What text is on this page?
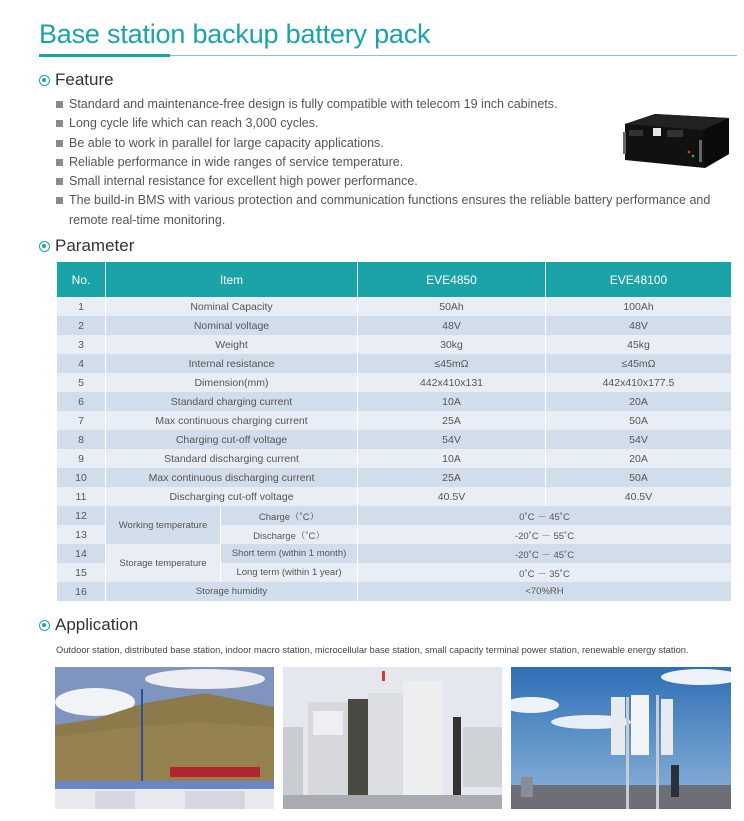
Base station backup battery pack
Feature
Standard and maintenance-free design is fully compatible with telecom 19 inch cabinets.
Long cycle life which can reach 3,000 cycles.
Be able to work in parallel for large capacity applications.
Reliable performance in wide ranges of service temperature.
Small internal resistance for excellent high power performance.
The build-in BMS with various protection and communication functions ensures the reliable battery performance and remote real-time monitoring.
Parameter
No.	Item		EVE4850	EVE48100
1	Nominal Capacity		50Ah	100Ah
2	Nominal voltage		48V	48V
3	Weight		30kg	45kg
4	Internal resistance		≤45mΩ	≤45mΩ
5	Dimension(mm)		442x410x131	442x410x177.5
6	Standard charging current		10A	20A
7	Max continuous charging current		25A	50A
8	Charging cut-off voltage		54V	54V
9	Standard discharging current		10A	20A
10	Max continuous discharging current		25A	50A
11	Discharging cut-off voltage		40.5V	40.5V
12	Working temperature	Charge（˚C）	0˚C － 45˚C	
13		Discharge（˚C）	-20˚C － 55˚C	
14	Storage temperature	Short term (within 1 month)	-20˚C － 45˚C	
15		Long term (within 1 year)	0˚C － 35˚C	
16	Storage humidity		<70%RH	
Application
Outdoor station, distributed base station, indoor macro station, microcellular base station, small capacity terminal power station, renewable energy station.
